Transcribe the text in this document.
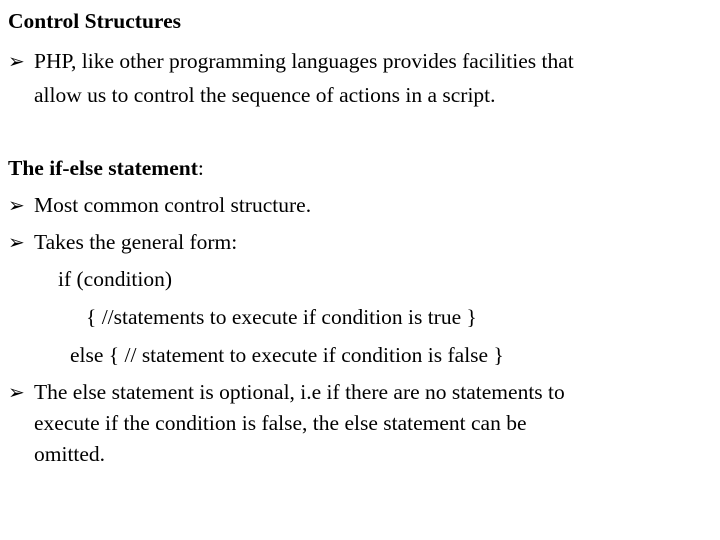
Control Structures
➢ PHP, like other programming languages provides facilities that
allow us to control the sequence of actions in a script.
The if-else statement:
➢ Most common control structure.
➢ Takes the general form:
if (condition)
{ //statements to execute if condition is true }
else { // statement to execute if condition is false }
➢ The else statement is optional, i.e if there are no statements to
execute if the condition is false, the else statement can be
omitted.
